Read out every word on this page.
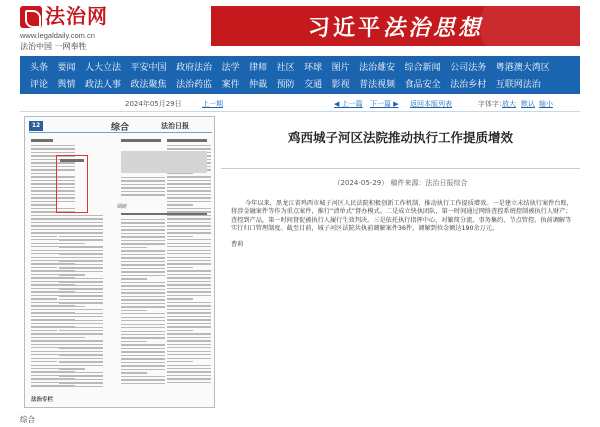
法治网
www.legaldaily.com.cn
法治中国 一网奉牲
习近平法治思想
头条 要闻 人大立法 平安中国 政府法治 法学 律师 社区 环球 图片 法治雄安 综合新闻 公司法务 粤港澳大湾区
评论 舆情 政法人事 政法聚焦 法治药监 案件 仲裁 预防 交通 影视 普法视频 食品安全 法治乡村 互联网法治
2024年05月29日	上一期	◀ 上一篇 下一篇 ▶ 返回本版列表	字体字：
放大 默认 缩小
12	综合	法治日报
调研
法治专栏
综合
鸡西城子河区法院推动执行工作提质增效
（2024-05-29） 稿件来源：法治日报综合

今年以来，黑龙江省鸡西市城子河区人民法院积极创新工作机制，推动执行工作提质增效。一是建立未结执行案件台账，将涉金融案件等作为重点案件，推行“清单式”督办模式。二是成立快执团队，第一时间通过网络查控系统控制被执行人财产；查控到产品，第一时间督促被执行人履行生效判决。三是依托执行指挥中心，对繁简分流、事务集约、节点管控、执前调解等实行归口管理制度。截至目前，城子河区法院共执前调解案件36件，调解到位金额达190余万元。

曹莉
